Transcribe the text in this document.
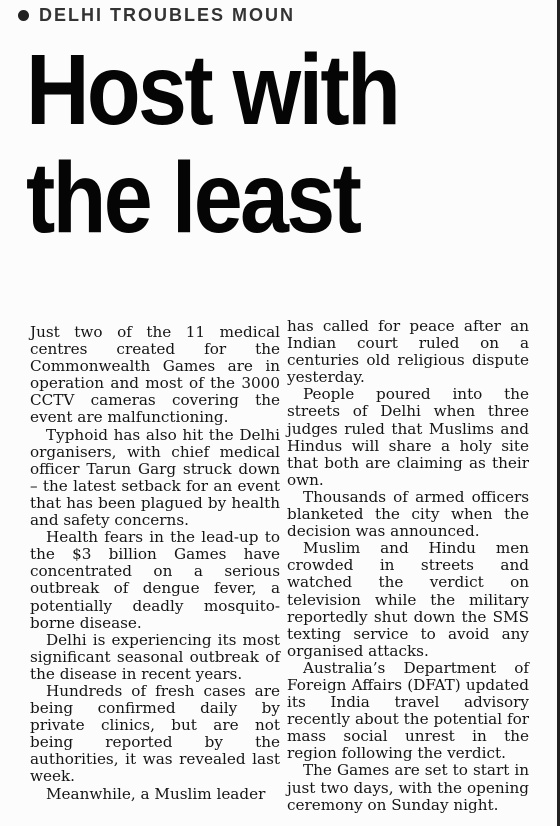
DELHI TROUBLES MOUN
Host with
the least

Just two of the 11 medical centres created for the Commonwealth Games are in operation and most of the 3000 CCTV cameras covering the event are malfunctioning.

Typhoid has also hit the Delhi organisers, with chief medical officer Tarun Garg struck down – the latest setback for an event that has been plagued by health and safety concerns.

Health fears in the lead-up to the $3 billion Games have concentrated on a serious outbreak of dengue fever, a potentially deadly mosquito-borne disease.

Delhi is experiencing its most significant seasonal outbreak of the disease in recent years.

Hundreds of fresh cases are being confirmed daily by private clinics, but are not being reported by the authorities, it was revealed last week.

Meanwhile, a Muslim leader

has called for peace after an Indian court ruled on a centuries old religious dispute yesterday.

People poured into the streets of Delhi when three judges ruled that Muslims and Hindus will share a holy site that both are claiming as their own.

Thousands of armed officers blanketed the city when the decision was announced.

Muslim and Hindu men crowded in streets and watched the verdict on television while the military reportedly shut down the SMS texting service to avoid any organised attacks.

Australia’s Department of Foreign Affairs (DFAT) updated its India travel advisory recently about the potential for mass social unrest in the region following the verdict.

The Games are set to start in just two days, with the opening ceremony on Sunday night.
